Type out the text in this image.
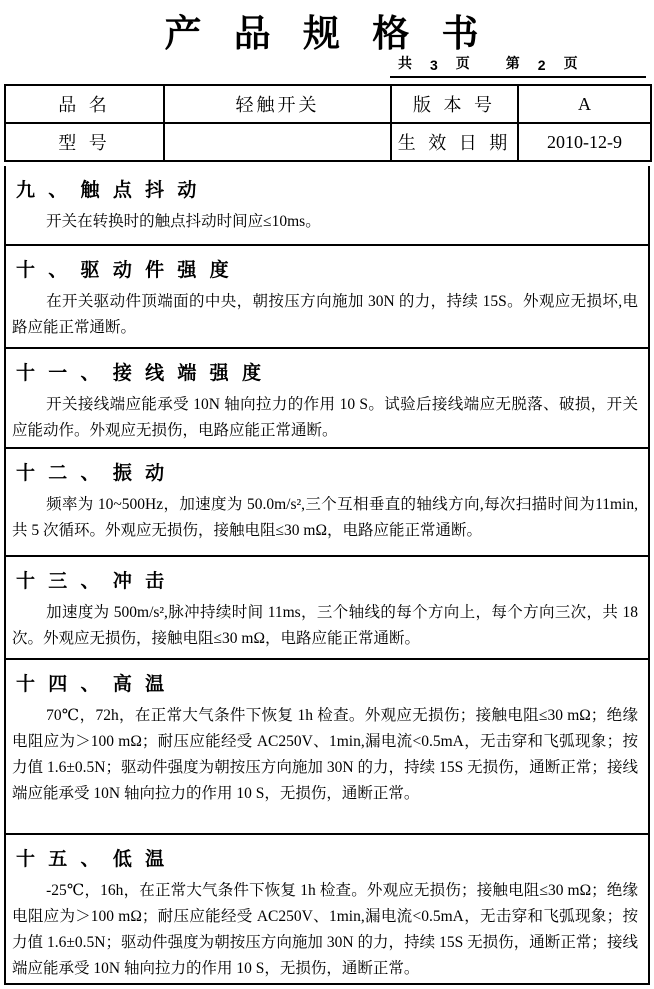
产 品 规 格 书
共 3 页	第 2 页
品 名	轻触开关	版 本 号	A
型 号		生 效 日 期	2010-12-9
九 、 触 点 抖 动

开关在转换时的触点抖动时间应≤10ms。

十 、 驱 动 件 强 度

在开关驱动件顶端面的中央，朝按压方向施加 30N 的力，持续 15S。外观应无损坏,电路应能正常通断。

十 一 、 接 线 端 强 度

开关接线端应能承受 10N 轴向拉力的作用 10 S。试验后接线端应无脱落、破损，开关应能动作。外观应无损伤，电路应能正常通断。

十 二 、 振 动

频率为 10~500Hz，加速度为 50.0m/s²,三个互相垂直的轴线方向,每次扫描时间为11min,共 5 次循环。外观应无损伤，接触电阻≤30 mΩ，电路应能正常通断。

十 三 、 冲 击

加速度为 500m/s²,脉冲持续时间 11ms，三个轴线的每个方向上，每个方向三次，共 18 次。外观应无损伤，接触电阻≤30 mΩ，电路应能正常通断。

十 四 、 高 温

70℃，72h，在正常大气条件下恢复 1h 检查。外观应无损伤；接触电阻≤30 mΩ；绝缘电阻应为＞100 mΩ；耐压应能经受 AC250V、1min,漏电流<0.5mA，无击穿和飞弧现象；按力值 1.6±0.5N；驱动件强度为朝按压方向施加 30N 的力，持续 15S 无损伤，通断正常；接线端应能承受 10N 轴向拉力的作用 10 S，无损伤，通断正常。

十 五 、 低 温

-25℃，16h，在正常大气条件下恢复 1h 检查。外观应无损伤；接触电阻≤30 mΩ；绝缘电阻应为＞100 mΩ；耐压应能经受 AC250V、1min,漏电流<0.5mA，无击穿和飞弧现象；按力值 1.6±0.5N；驱动件强度为朝按压方向施加 30N 的力，持续 15S 无损伤，通断正常；接线端应能承受 10N 轴向拉力的作用 10 S，无损伤，通断正常。
